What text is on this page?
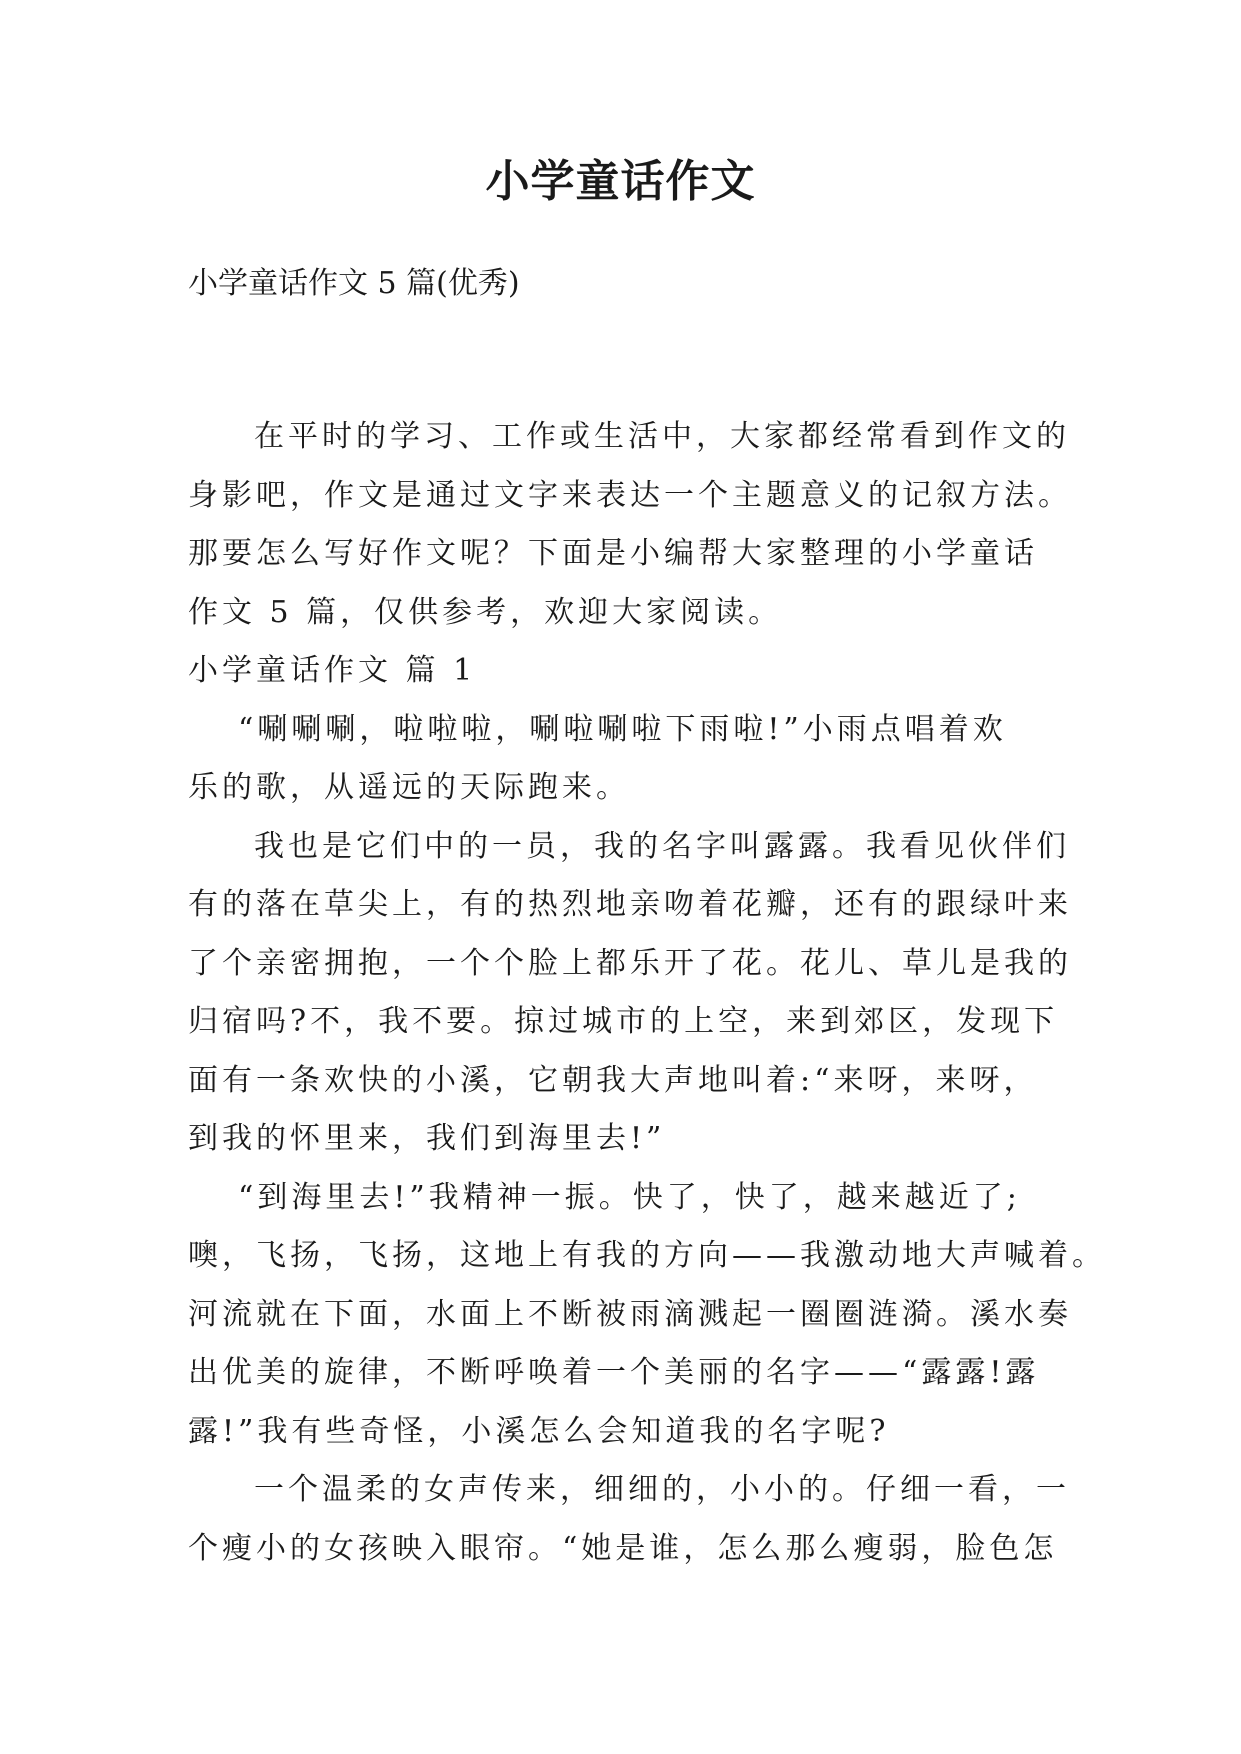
小学童话作文
小学童话作文 5 篇(优秀)
在平时的学习、工作或生活中，大家都经常看到作文的
身影吧，作文是通过文字来表达一个主题意义的记叙方法。
那要怎么写好作文呢？下面是小编帮大家整理的小学童话
作文 5 篇，仅供参考，欢迎大家阅读。
小学童话作文 篇 1
“唰唰唰，啦啦啦，唰啦唰啦下雨啦!”小雨点唱着欢
乐的歌，从遥远的天际跑来。
我也是它们中的一员，我的名字叫露露。我看见伙伴们
有的落在草尖上，有的热烈地亲吻着花瓣，还有的跟绿叶来
了个亲密拥抱，一个个脸上都乐开了花。花儿、草儿是我的
归宿吗?不，我不要。掠过城市的上空，来到郊区，发现下
面有一条欢快的小溪，它朝我大声地叫着:“来呀，来呀，
到我的怀里来，我们到海里去!”
“到海里去!”我精神一振。快了，快了，越来越近了;
噢，飞扬，飞扬，这地上有我的方向——我激动地大声喊着。
河流就在下面，水面上不断被雨滴溅起一圈圈涟漪。溪水奏
出优美的旋律，不断呼唤着一个美丽的名字——“露露!露
露!”我有些奇怪，小溪怎么会知道我的名字呢?
一个温柔的女声传来，细细的，小小的。仔细一看，一
个瘦小的女孩映入眼帘。“她是谁，怎么那么瘦弱，脸色怎
